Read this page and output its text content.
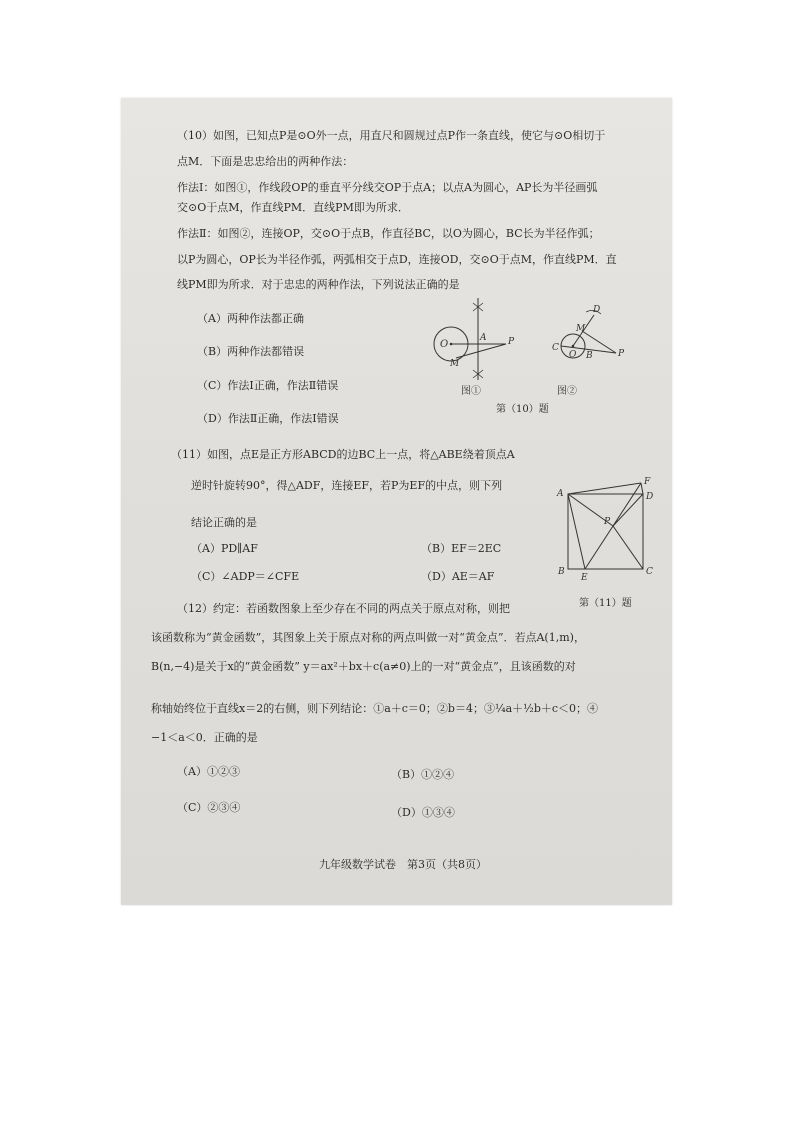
（10）如图，已知点P是⊙O外一点，用直尺和圆规过点P作一条直线，使它与⊙O相切于
点M．下面是忠忠给出的两种作法：
作法Ⅰ：如图①，作线段OP的垂直平分线交OP于点A；以点A为圆心，AP长为半径画弧
交⊙O于点M，作直线PM．直线PM即为所求．
作法Ⅱ：如图②，连接OP，交⊙O于点B，作直径BC，以O为圆心，BC长为半径作弧；
以P为圆心，OP长为半径作弧，两弧相交于点D，连接OD，交⊙O于点M，作直线PM．直
线PM即为所求．对于忠忠的两种作法，下列说法正确的是
（A）两种作法都正确
（B）两种作法都错误
（C）作法Ⅰ正确，作法Ⅱ错误
（D）作法Ⅱ正确，作法Ⅰ错误
O
A P
M
图①
C
O B	P
D
M
图②
第（10）题
（11）如图，点E是正方形ABCD的边BC上一点，将△ABE绕着顶点A
逆时针旋转90°，得△ADF，连接EF，若P为EF的中点，则下列
结论正确的是
（A）PD∥AF	（B）EF＝2EC
（C）∠ADP＝∠CFE	（D）AE＝AF
A
B	C
D
E
F
P
第（11）题
（12）约定：若函数图象上至少存在不同的两点关于原点对称，则把
该函数称为“黄金函数”，其图象上关于原点对称的两点叫做一对“黄金点”．若点A(1,m)，
B(n,−4)是关于x的“黄金函数” y＝ax²＋bx＋c(a≠0)上的一对“黄金点”，且该函数的对
称轴始终位于直线x＝2的右侧，则下列结论：①a＋c＝0；②b＝4；③¼a＋½b＋c＜0；④
−1＜a＜0．正确的是
（A）①②③	（B）①②④
（C）②③④	（D）①③④
九年级数学试卷　第3页（共8页）
